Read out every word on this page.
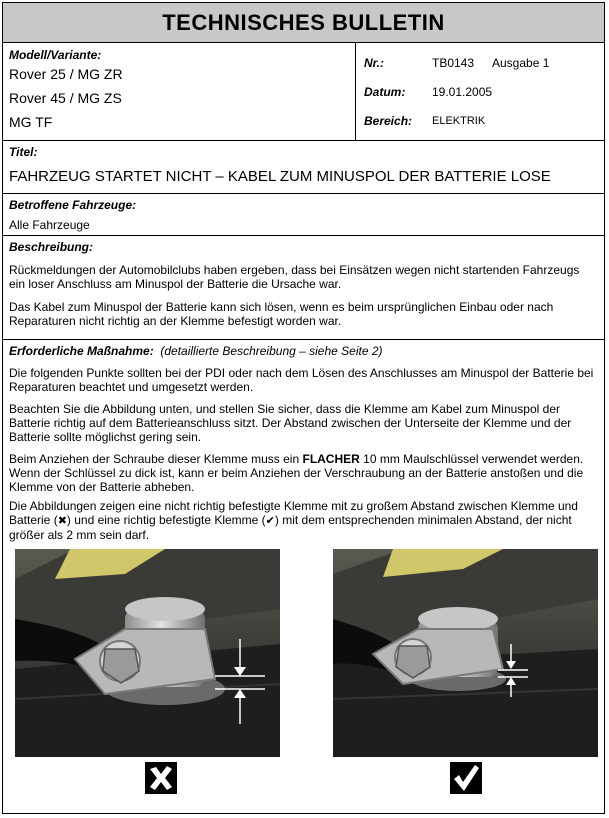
TECHNISCHES BULLETIN
Modell/Variante:
Rover 25 / MG ZR
Rover 45 / MG ZS
MG TF
Nr.:	TB0143	Ausgabe 1
Datum:	19.01.2005
Bereich:	ELEKTRIK
Titel:
FAHRZEUG STARTET NICHT – KABEL ZUM MINUSPOL DER BATTERIE LOSE
Betroffene Fahrzeuge:
Alle Fahrzeuge
Beschreibung:
Rückmeldungen der Automobilclubs haben ergeben, dass bei Einsätzen wegen nicht startenden Fahrzeugs ein loser Anschluss am Minuspol der Batterie die Ursache war.
Das Kabel zum Minuspol der Batterie kann sich lösen, wenn es beim ursprünglichen Einbau oder nach Reparaturen nicht richtig an der Klemme befestigt worden war.
Erforderliche Maßnahme: (detaillierte Beschreibung – siehe Seite 2)
Die folgenden Punkte sollten bei der PDI oder nach dem Lösen des Anschlusses am Minuspol der Batterie bei Reparaturen beachtet und umgesetzt werden.
Beachten Sie die Abbildung unten, und stellen Sie sicher, dass die Klemme am Kabel zum Minuspol der Batterie richtig auf dem Batterieanschluss sitzt. Der Abstand zwischen der Unterseite der Klemme und der Batterie sollte möglichst gering sein.
Beim Anziehen der Schraube dieser Klemme muss ein FLACHER 10 mm Maulschlüssel verwendet werden. Wenn der Schlüssel zu dick ist, kann er beim Anziehen der Verschraubung an der Batterie anstoßen und die Klemme von der Batterie abheben.
Die Abbildungen zeigen eine nicht richtig befestigte Klemme mit zu großem Abstand zwischen Klemme und Batterie (✖) und eine richtig befestigte Klemme (✔) mit dem entsprechenden minimalen Abstand, der nicht größer als 2 mm sein darf.
